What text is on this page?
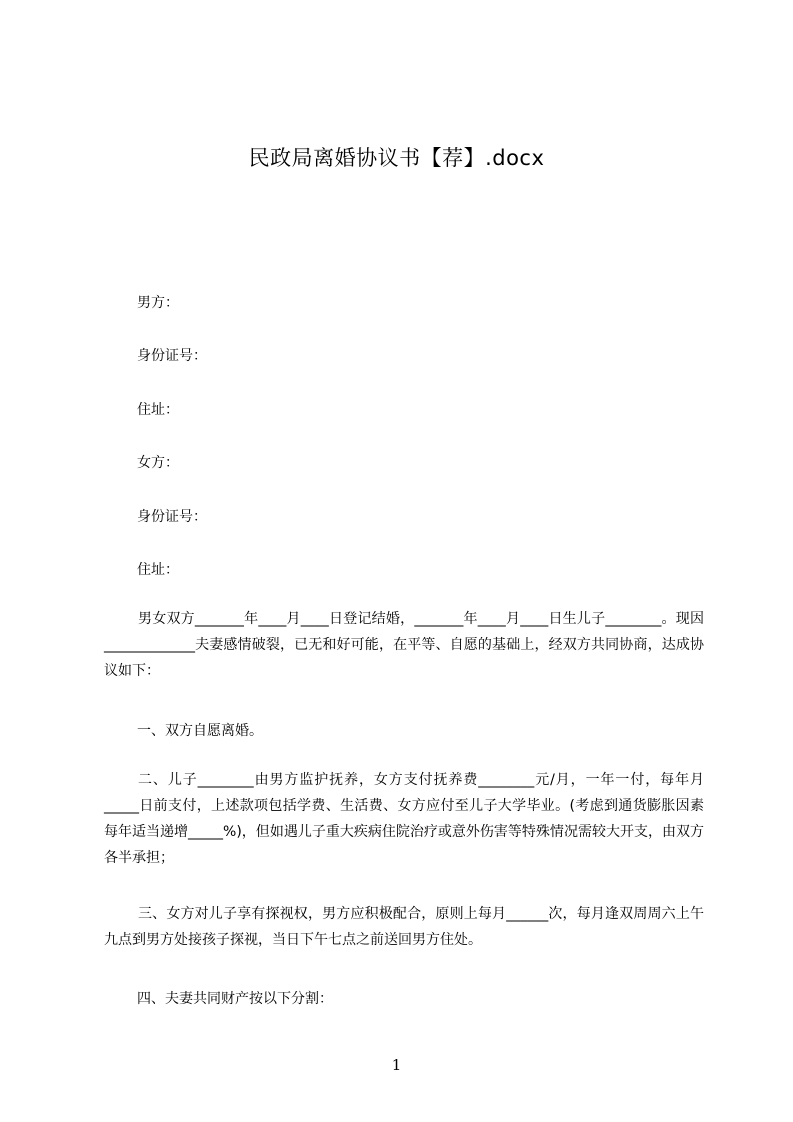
民政局离婚协议书【荐】.docx
男方：
身份证号：
住址：
女方：
身份证号：
住址：

男女双方_______年____月____日登记结婚，_______年____月____日生儿子________。现因_____________夫妻感情破裂，已无和好可能，在平等、自愿的基础上，经双方共同协商，达成协议如下：

一、双方自愿离婚。

二、儿子________由男方监护抚养，女方支付抚养费________元/月，一年一付，每年月_____日前支付，上述款项包括学费、生活费、女方应付至儿子大学毕业。(考虑到通货膨胀因素每年适当递增_____%)，但如遇儿子重大疾病住院治疗或意外伤害等特殊情况需较大开支，由双方各半承担；

三、女方对儿子享有探视权，男方应积极配合，原则上每月______次，每月逢双周周六上午九点到男方处接孩子探视，当日下午七点之前送回男方住处。

四、夫妻共同财产按以下分割：
1
